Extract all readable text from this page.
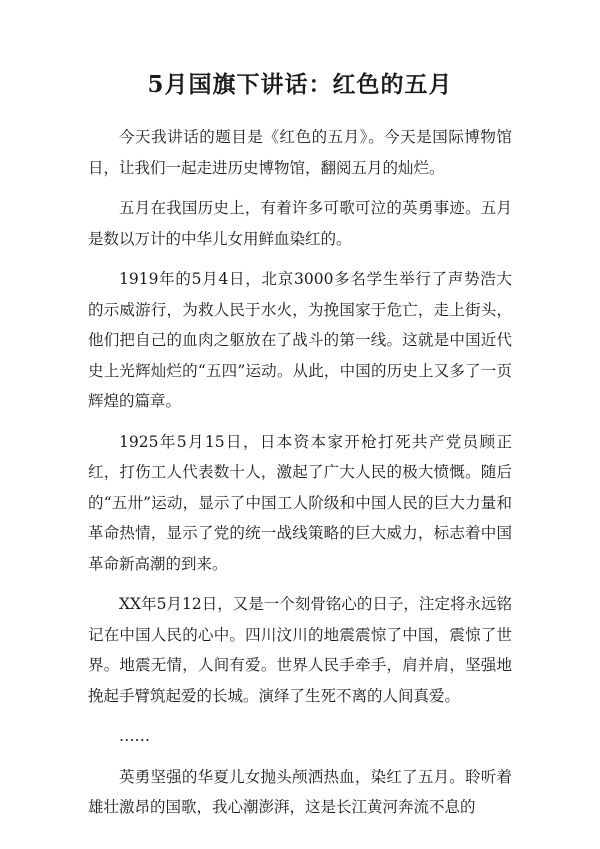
5月国旗下讲话：红色的五月

今天我讲话的题目是《红色的五月》。今天是国际博物馆日，让我们一起走进历史博物馆，翻阅五月的灿烂。

五月在我国历史上，有着许多可歌可泣的英勇事迹。五月是数以万计的中华儿女用鲜血染红的。

1919年的5月4日，北京3000多名学生举行了声势浩大的示威游行，为救人民于水火，为挽国家于危亡，走上街头，他们把自己的血肉之躯放在了战斗的第一线。这就是中国近代史上光辉灿烂的“五四”运动。从此，中国的历史上又多了一页辉煌的篇章。

1925年5月15日，日本资本家开枪打死共产党员顾正红，打伤工人代表数十人，激起了广大人民的极大愤慨。随后的“五卅”运动，显示了中国工人阶级和中国人民的巨大力量和革命热情，显示了党的统一战线策略的巨大威力，标志着中国革命新高潮的到来。

XX年5月12日，又是一个刻骨铭心的日子，注定将永远铭记在中国人民的心中。四川汶川的地震震惊了中国，震惊了世界。地震无情，人间有爱。世界人民手牵手，肩并肩，坚强地挽起手臂筑起爱的长城。演绎了生死不离的人间真爱。

……

英勇坚强的华夏儿女抛头颅洒热血，染红了五月。聆听着雄壮激昂的国歌，我心潮澎湃，这是长江黄河奔流不息的
